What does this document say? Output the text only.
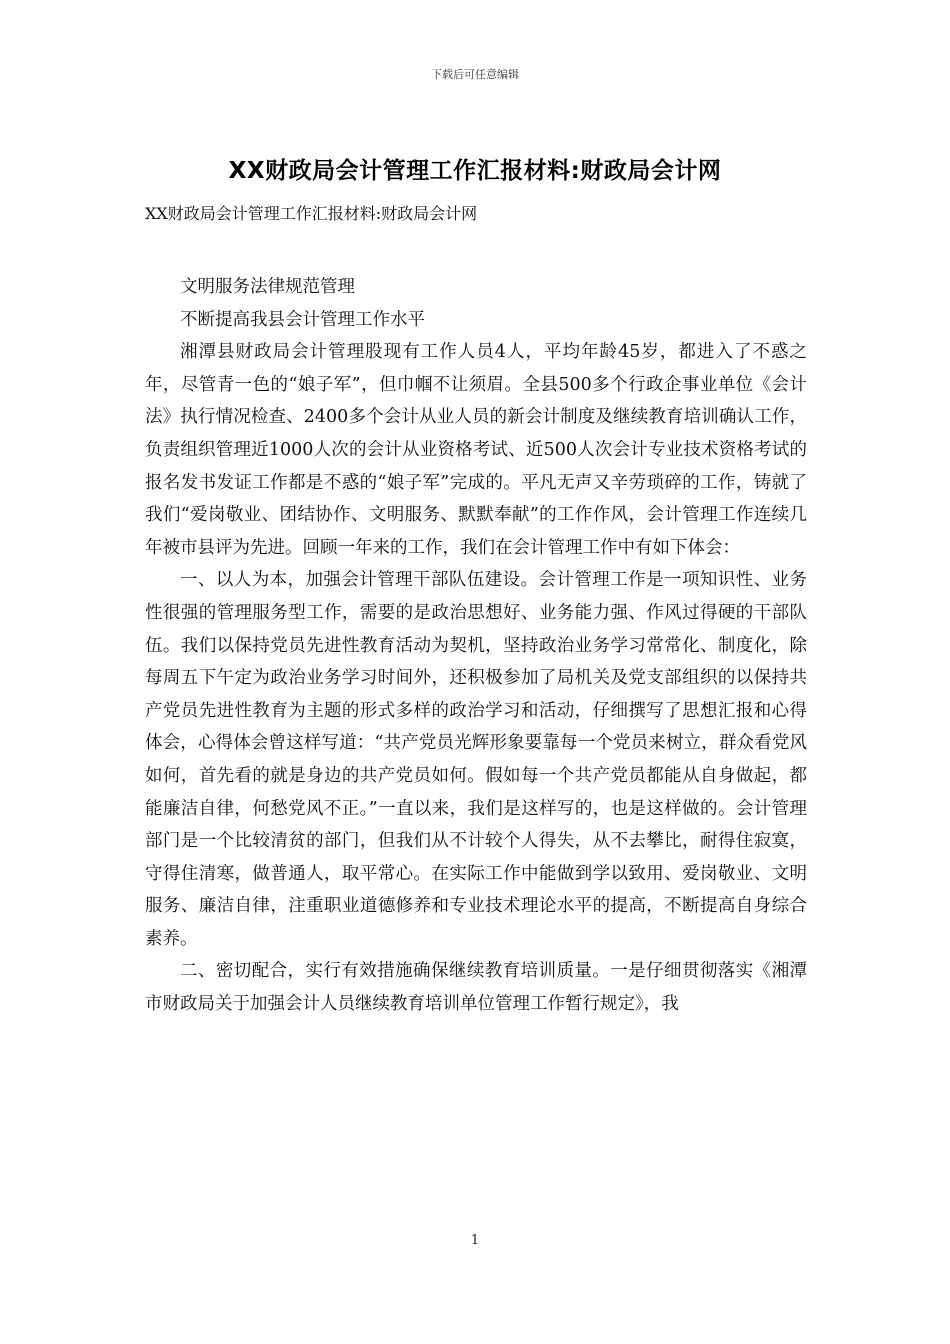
下载后可任意编辑
XX财政局会计管理工作汇报材料:财政局会计网
XX财政局会计管理工作汇报材料:财政局会计网

文明服务法律规范管理

不断提高我县会计管理工作水平

湘潭县财政局会计管理股现有工作人员4人，平均年龄45岁，都进入了不惑之年，尽管青一色的“娘子军”，但巾帼不让须眉。全县500多个行政企事业单位《会计法》执行情况检查、2400多个会计从业人员的新会计制度及继续教育培训确认工作，负责组织管理近1000人次的会计从业资格考试、近500人次会计专业技术资格考试的报名发书发证工作都是不惑的“娘子军”完成的。平凡无声又辛劳琐碎的工作，铸就了我们“爱岗敬业、团结协作、文明服务、默默奉献”的工作作风，会计管理工作连续几年被市县评为先进。回顾一年来的工作，我们在会计管理工作中有如下体会：

一、以人为本，加强会计管理干部队伍建设。会计管理工作是一项知识性、业务性很强的管理服务型工作，需要的是政治思想好、业务能力强、作风过得硬的干部队伍。我们以保持党员先进性教育活动为契机，坚持政治业务学习常常化、制度化，除每周五下午定为政治业务学习时间外，还积极参加了局机关及党支部组织的以保持共产党员先进性教育为主题的形式多样的政治学习和活动，仔细撰写了思想汇报和心得体会，心得体会曾这样写道：“共产党员光辉形象要靠每一个党员来树立，群众看党风如何，首先看的就是身边的共产党员如何。假如每一个共产党员都能从自身做起，都能廉洁自律，何愁党风不正。”一直以来，我们是这样写的，也是这样做的。会计管理部门是一个比较清贫的部门，但我们从不计较个人得失，从不去攀比，耐得住寂寞，守得住清寒，做普通人，取平常心。在实际工作中能做到学以致用、爱岗敬业、文明服务、廉洁自律，注重职业道德修养和专业技术理论水平的提高，不断提高自身综合素养。

二、密切配合，实行有效措施确保继续教育培训质量。一是仔细贯彻落实《湘潭市财政局关于加强会计人员继续教育培训单位管理工作暂行规定》，我

1
